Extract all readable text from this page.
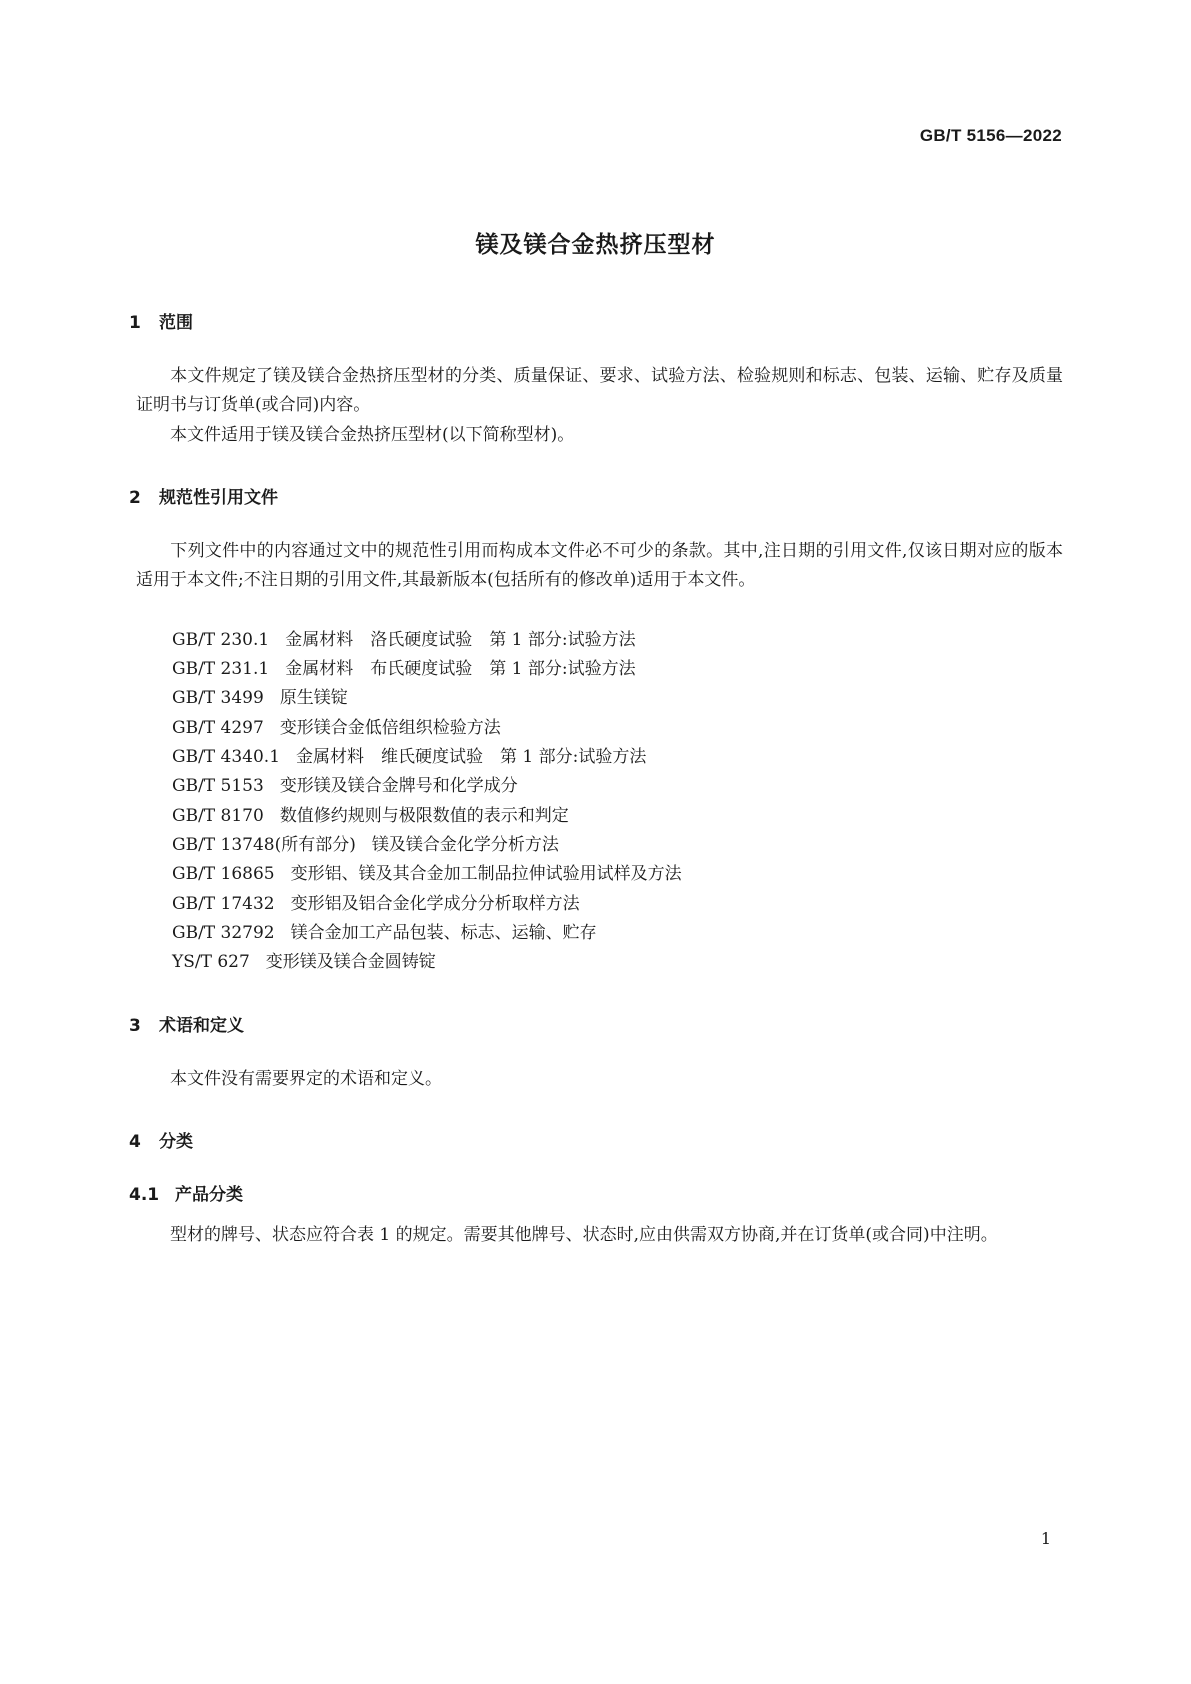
GB/T 5156—2022
镁及镁合金热挤压型材
1 范围
本文件规定了镁及镁合金热挤压型材的分类、质量保证、要求、试验方法、检验规则和标志、包装、运输、贮存及质量证明书与订货单(或合同)内容。
本文件适用于镁及镁合金热挤压型材(以下简称型材)。
2 规范性引用文件
下列文件中的内容通过文中的规范性引用而构成本文件必不可少的条款。其中,注日期的引用文件,仅该日期对应的版本适用于本文件;不注日期的引用文件,其最新版本(包括所有的修改单)适用于本文件。
GB/T 230.1 金属材料　洛氏硬度试验　第 1 部分:试验方法
GB/T 231.1 金属材料　布氏硬度试验　第 1 部分:试验方法
GB/T 3499 原生镁锭
GB/T 4297 变形镁合金低倍组织检验方法
GB/T 4340.1 金属材料　维氏硬度试验　第 1 部分:试验方法
GB/T 5153 变形镁及镁合金牌号和化学成分
GB/T 8170 数值修约规则与极限数值的表示和判定
GB/T 13748(所有部分) 镁及镁合金化学分析方法
GB/T 16865 变形铝、镁及其合金加工制品拉伸试验用试样及方法
GB/T 17432 变形铝及铝合金化学成分分析取样方法
GB/T 32792 镁合金加工产品包装、标志、运输、贮存
YS/T 627 变形镁及镁合金圆铸锭
3 术语和定义
本文件没有需要界定的术语和定义。
4 分类
4.1 产品分类
型材的牌号、状态应符合表 1 的规定。需要其他牌号、状态时,应由供需双方协商,并在订货单(或合同)中注明。
1
